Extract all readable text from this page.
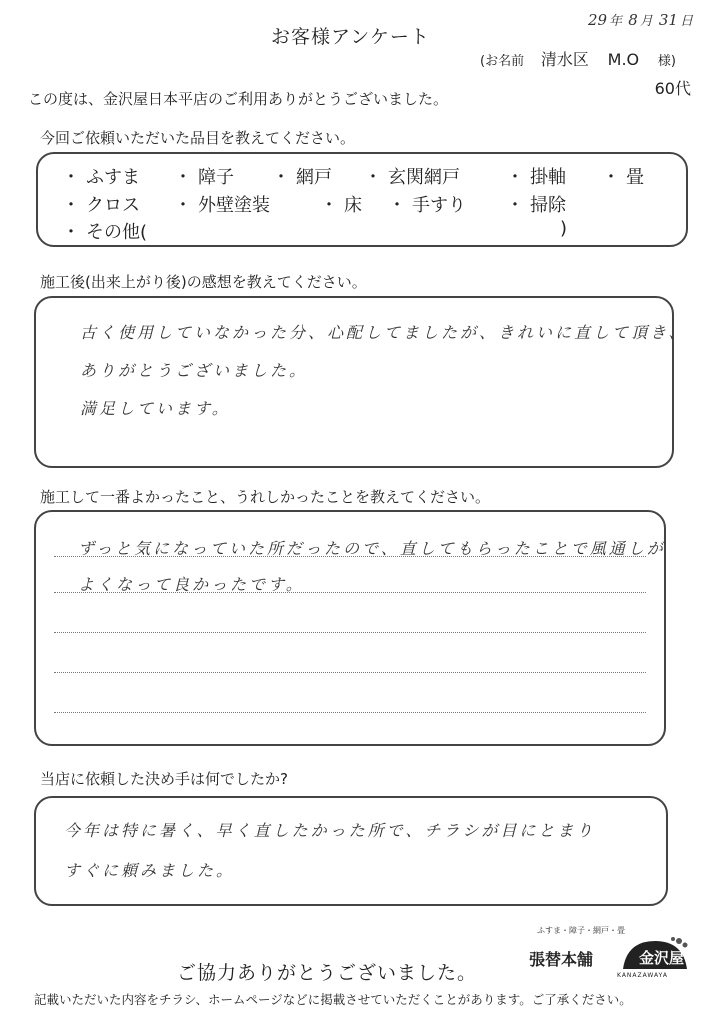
お客様アンケート
29 年 8 月 31 日
(お名前 清水区 M.O 様)
60代
この度は、金沢屋日本平店のご利用ありがとうございました。
今回ご依頼いただいた品目を教えてください。
・ ふすま ・ 障子 ・ 網戸 ・ 玄関網戸	・ 掛軸 ・ 畳
・ クロス ・ 外壁塗装	・ 床 ・ 手すり ・ 掃除
・ その他(	)
施工後(出来上がり後)の感想を教えてください。
古く使用していなかった分、心配してましたが、きれいに直して頂き、
ありがとうございました。
満足しています。
施工して一番よかったこと、うれしかったことを教えてください。
ずっと気になっていた所だったので、直してもらったことで風通しが
よくなって良かったです。
当店に依頼した決め手は何でしたか?
今年は特に暑く、早く直したかった所で、チラシが目にとまり
すぐに頼みました。
ふすま・障子・網戸・畳
張替本舗	金沢屋
KANAZAWAYA
ご協力ありがとうございました。
記載いただいた内容をチラシ、ホームページなどに掲載させていただくことがあります。ご了承ください。
